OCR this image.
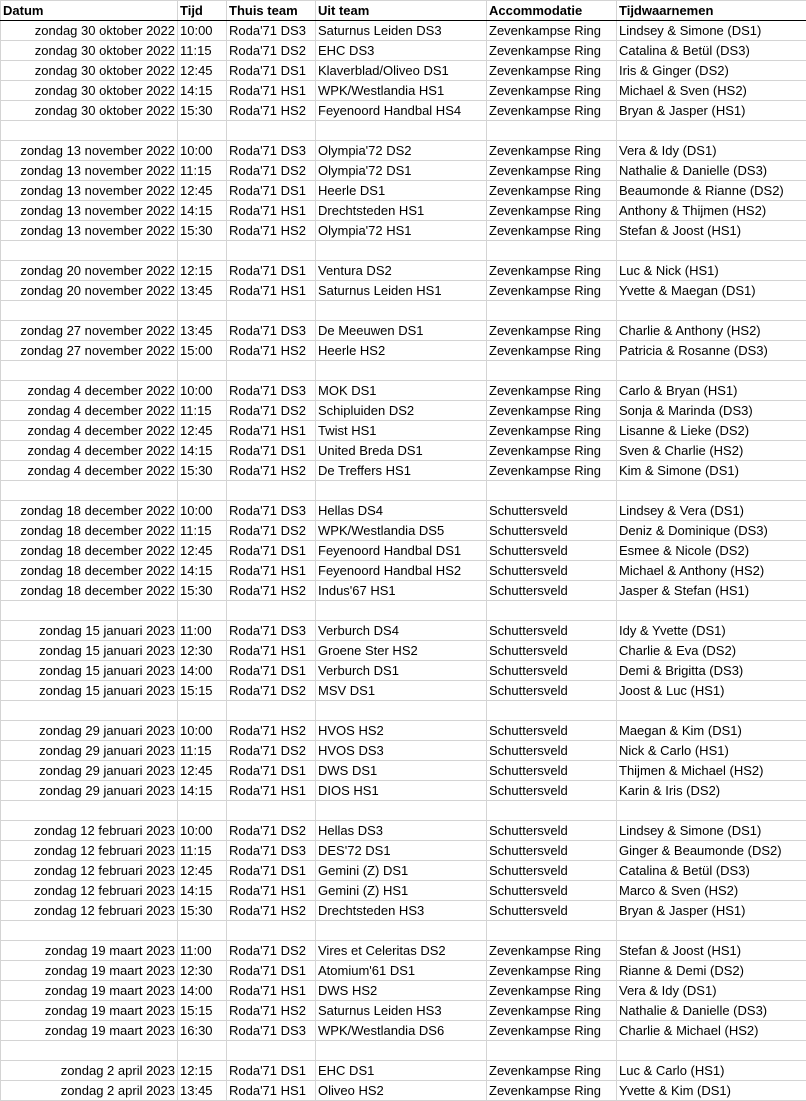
Datum	Tijd	Thuis team	Uit team	Accommodatie	Tijdwaarnemen
zondag 30 oktober 2022	10:00	Roda'71 DS3	Saturnus Leiden DS3	Zevenkampse Ring	Lindsey & Simone (DS1)
zondag 30 oktober 2022	11:15	Roda'71 DS2	EHC DS3	Zevenkampse Ring	Catalina & Betül (DS3)
zondag 30 oktober 2022	12:45	Roda'71 DS1	Klaverblad/Oliveo DS1	Zevenkampse Ring	Iris & Ginger (DS2)
zondag 30 oktober 2022	14:15	Roda'71 HS1	WPK/Westlandia HS1	Zevenkampse Ring	Michael & Sven (HS2)
zondag 30 oktober 2022	15:30	Roda'71 HS2	Feyenoord Handbal HS4	Zevenkampse Ring	Bryan & Jasper (HS1)

zondag 13 november 2022	10:00	Roda'71 DS3	Olympia'72 DS2	Zevenkampse Ring	Vera & Idy (DS1)
zondag 13 november 2022	11:15	Roda'71 DS2	Olympia'72 DS1	Zevenkampse Ring	Nathalie & Danielle (DS3)
zondag 13 november 2022	12:45	Roda'71 DS1	Heerle DS1	Zevenkampse Ring	Beaumonde & Rianne (DS2)
zondag 13 november 2022	14:15	Roda'71 HS1	Drechtsteden HS1	Zevenkampse Ring	Anthony & Thijmen (HS2)
zondag 13 november 2022	15:30	Roda'71 HS2	Olympia'72 HS1	Zevenkampse Ring	Stefan & Joost (HS1)

zondag 20 november 2022	12:15	Roda'71 DS1	Ventura DS2	Zevenkampse Ring	Luc & Nick (HS1)
zondag 20 november 2022	13:45	Roda'71 HS1	Saturnus Leiden HS1	Zevenkampse Ring	Yvette & Maegan (DS1)

zondag 27 november 2022	13:45	Roda'71 DS3	De Meeuwen DS1	Zevenkampse Ring	Charlie & Anthony (HS2)
zondag 27 november 2022	15:00	Roda'71 HS2	Heerle HS2	Zevenkampse Ring	Patricia & Rosanne (DS3)

zondag 4 december 2022	10:00	Roda'71 DS3	MOK DS1	Zevenkampse Ring	Carlo & Bryan (HS1)
zondag 4 december 2022	11:15	Roda'71 DS2	Schipluiden DS2	Zevenkampse Ring	Sonja & Marinda (DS3)
zondag 4 december 2022	12:45	Roda'71 HS1	Twist HS1	Zevenkampse Ring	Lisanne & Lieke (DS2)
zondag 4 december 2022	14:15	Roda'71 DS1	United Breda DS1	Zevenkampse Ring	Sven & Charlie (HS2)
zondag 4 december 2022	15:30	Roda'71 HS2	De Treffers HS1	Zevenkampse Ring	Kim & Simone (DS1)

zondag 18 december 2022	10:00	Roda'71 DS3	Hellas DS4	Schuttersveld	Lindsey & Vera (DS1)
zondag 18 december 2022	11:15	Roda'71 DS2	WPK/Westlandia DS5	Schuttersveld	Deniz & Dominique (DS3)
zondag 18 december 2022	12:45	Roda'71 DS1	Feyenoord Handbal DS1	Schuttersveld	Esmee & Nicole (DS2)
zondag 18 december 2022	14:15	Roda'71 HS1	Feyenoord Handbal HS2	Schuttersveld	Michael & Anthony (HS2)
zondag 18 december 2022	15:30	Roda'71 HS2	Indus'67 HS1	Schuttersveld	Jasper & Stefan (HS1)

zondag 15 januari 2023	11:00	Roda'71 DS3	Verburch DS4	Schuttersveld	Idy & Yvette (DS1)
zondag 15 januari 2023	12:30	Roda'71 HS1	Groene Ster HS2	Schuttersveld	Charlie & Eva (DS2)
zondag 15 januari 2023	14:00	Roda'71 DS1	Verburch DS1	Schuttersveld	Demi & Brigitta (DS3)
zondag 15 januari 2023	15:15	Roda'71 DS2	MSV DS1	Schuttersveld	Joost & Luc (HS1)

zondag 29 januari 2023	10:00	Roda'71 HS2	HVOS HS2	Schuttersveld	Maegan & Kim (DS1)
zondag 29 januari 2023	11:15	Roda'71 DS2	HVOS DS3	Schuttersveld	Nick & Carlo (HS1)
zondag 29 januari 2023	12:45	Roda'71 DS1	DWS DS1	Schuttersveld	Thijmen & Michael (HS2)
zondag 29 januari 2023	14:15	Roda'71 HS1	DIOS HS1	Schuttersveld	Karin & Iris (DS2)

zondag 12 februari 2023	10:00	Roda'71 DS2	Hellas DS3	Schuttersveld	Lindsey & Simone (DS1)
zondag 12 februari 2023	11:15	Roda'71 DS3	DES'72 DS1	Schuttersveld	Ginger & Beaumonde (DS2)
zondag 12 februari 2023	12:45	Roda'71 DS1	Gemini (Z) DS1	Schuttersveld	Catalina & Betül (DS3)
zondag 12 februari 2023	14:15	Roda'71 HS1	Gemini (Z) HS1	Schuttersveld	Marco & Sven (HS2)
zondag 12 februari 2023	15:30	Roda'71 HS2	Drechtsteden HS3	Schuttersveld	Bryan & Jasper (HS1)

zondag 19 maart 2023	11:00	Roda'71 DS2	Vires et Celeritas DS2	Zevenkampse Ring	Stefan & Joost (HS1)
zondag 19 maart 2023	12:30	Roda'71 DS1	Atomium'61 DS1	Zevenkampse Ring	Rianne & Demi (DS2)
zondag 19 maart 2023	14:00	Roda'71 HS1	DWS HS2	Zevenkampse Ring	Vera & Idy (DS1)
zondag 19 maart 2023	15:15	Roda'71 HS2	Saturnus Leiden HS3	Zevenkampse Ring	Nathalie & Danielle (DS3)
zondag 19 maart 2023	16:30	Roda'71 DS3	WPK/Westlandia DS6	Zevenkampse Ring	Charlie & Michael (HS2)

zondag 2 april 2023	12:15	Roda'71 DS1	EHC DS1	Zevenkampse Ring	Luc & Carlo (HS1)
zondag 2 april 2023	13:45	Roda'71 HS1	Oliveo HS2	Zevenkampse Ring	Yvette & Kim (DS1)
